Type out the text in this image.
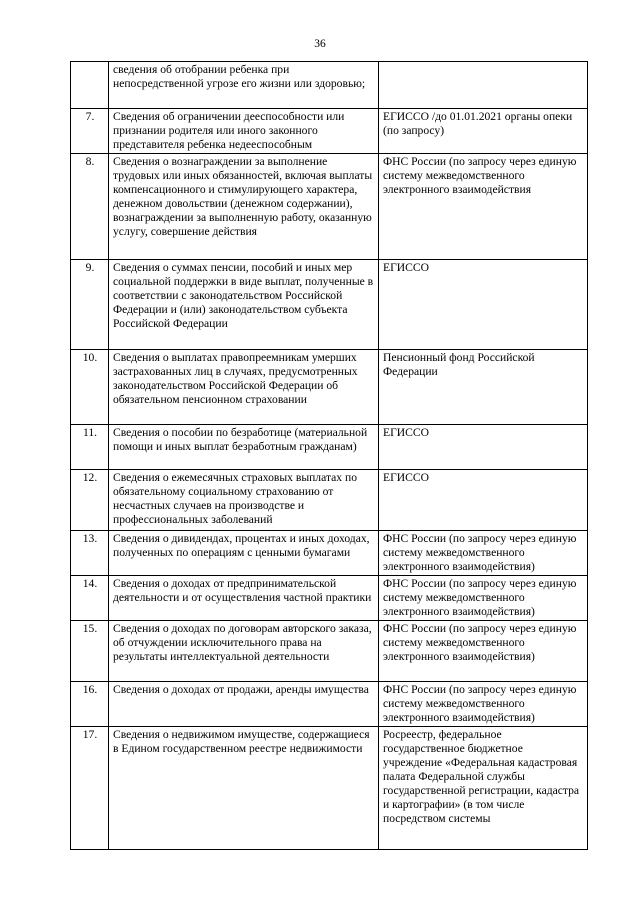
36
	сведения об отобрании ребенка при непосредственной угрозе его жизни или здоровью;	
7.	Сведения об ограничении дееспособности или признании родителя или иного законного представителя ребенка недееспособным	ЕГИССО /до 01.01.2021 органы опеки (по запросу)
8.	Сведения о вознаграждении за выполнение трудовых или иных обязанностей, включая выплаты компенсационного и стимулирующего характера, денежном довольствии (денежном содержании), вознаграждении за выполненную работу, оказанную услугу, совершение действия	ФНС России (по запросу через единую систему межведомственного электронного взаимодействия
9.	Сведения о суммах пенсии, пособий и иных мер социальной поддержки в виде выплат, полученные в соответствии с законодательством Российской Федерации и (или) законодательством субъекта Российской Федерации	ЕГИССО
10.	Сведения о выплатах правопреемникам умерших застрахованных лиц в случаях, предусмотренных законодательством Российской Федерации об обязательном пенсионном страховании	Пенсионный фонд Российской Федерации
11.	Сведения о пособии по безработице (материальной помощи и иных выплат безработным гражданам)	ЕГИССО
12.	Сведения о ежемесячных страховых выплатах по обязательному социальному страхованию от несчастных случаев на производстве и профессиональных заболеваний	ЕГИССО
13.	Сведения о дивидендах, процентах и иных доходах, полученных по операциям с ценными бумагами	ФНС России (по запросу через единую систему межведомственного электронного взаимодействия)
14.	Сведения о доходах от предпринимательской деятельности и от осуществления частной практики	ФНС России (по запросу через единую систему межведомственного электронного взаимодействия)
15.	Сведения о доходах по договорам авторского заказа, об отчуждении исключительного права на результаты интеллектуальной деятельности	ФНС России (по запросу через единую систему межведомственного электронного взаимодействия)
16.	Сведения о доходах от продажи, аренды имущества	ФНС России (по запросу через единую систему межведомственного электронного взаимодействия)
17.	Сведения о недвижимом имуществе, содержащиеся в Едином государственном реестре недвижимости	Росреестр, федеральное государственное бюджетное учреждение «Федеральная кадастровая палата Федеральной службы государственной регистрации, кадастра и картографии» (в том числе посредством системы
